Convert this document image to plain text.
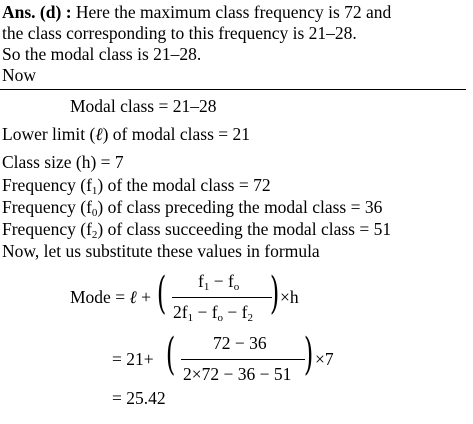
Ans. (d) : Here the maximum class frequency is 72 and
the class corresponding to this frequency is 21–28.
So the modal class is 21–28.
Now
Modal class = 21–28
Lower limit (ℓ) of modal class = 21
Class size (h) = 7
Frequency $(f_1)$ of the modal class = 72
Frequency $(f_0)$ of class preceding the modal class = 36
Frequency $(f_2)$ of class succeeding the modal class = 51
Now, let us substitute these values in formula
Mode = ℓ + ( $f_1 - f_o$
$2f_1 - f_o - f_2$ ) ×h
= 21+ ( 72 − 36
2×72 − 36 − 51 ) ×7
= 25.42
